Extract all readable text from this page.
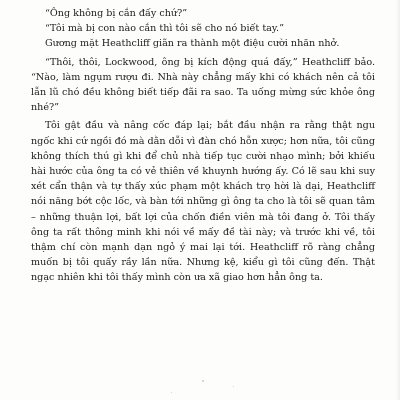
“Ông không bị cắn đấy chứ?”

“Tôi mà bị con nào cắn thì tôi sẽ cho nó biết tay.”

Gương mặt Heathcliff giãn ra thành một điệu cười nhăn nhở.

“Thôi, thôi, Lockwood, ông bị kích động quá đấy,” Heathcliff bảo. “Nào, làm ngụm rượu đi. Nhà này chẳng mấy khi có khách nên cả tôi lẫn lũ chó đều không biết tiếp đãi ra sao. Ta uống mừng sức khỏe ông nhé?”

Tôi gật đầu và nâng cốc đáp lại; bắt đầu nhận ra rằng thật ngu ngốc khi cứ ngồi đó mà dằn dỗi vì đàn chó hỗn xược; hơn nữa, tôi cũng không thích thú gì khi để chủ nhà tiếp tục cười nhạo mình; bởi khiếu hài hước của ông ta có vẻ thiên về khuynh hướng ấy. Có lẽ sau khi suy xét cẩn thận và tự thấy xúc phạm một khách trọ hời là dại, Heathcliff nói năng bớt cộc lốc, và bàn tới những gì ông ta cho là tôi sẽ quan tâm – những thuận lợi, bất lợi của chốn điền viên mà tôi đang ở. Tôi thấy ông ta rất thông minh khi nói về mấy đề tài này; và trước khi về, tôi thậm chí còn mạnh dạn ngỏ ý mai lại tới. Heathcliff rõ ràng chẳng muốn bị tôi quấy rầy lần nữa. Nhưng kệ, kiểu gì tôi cũng đến. Thật ngạc nhiên khi tôi thấy mình còn ưa xã giao hơn hẳn ông ta.
